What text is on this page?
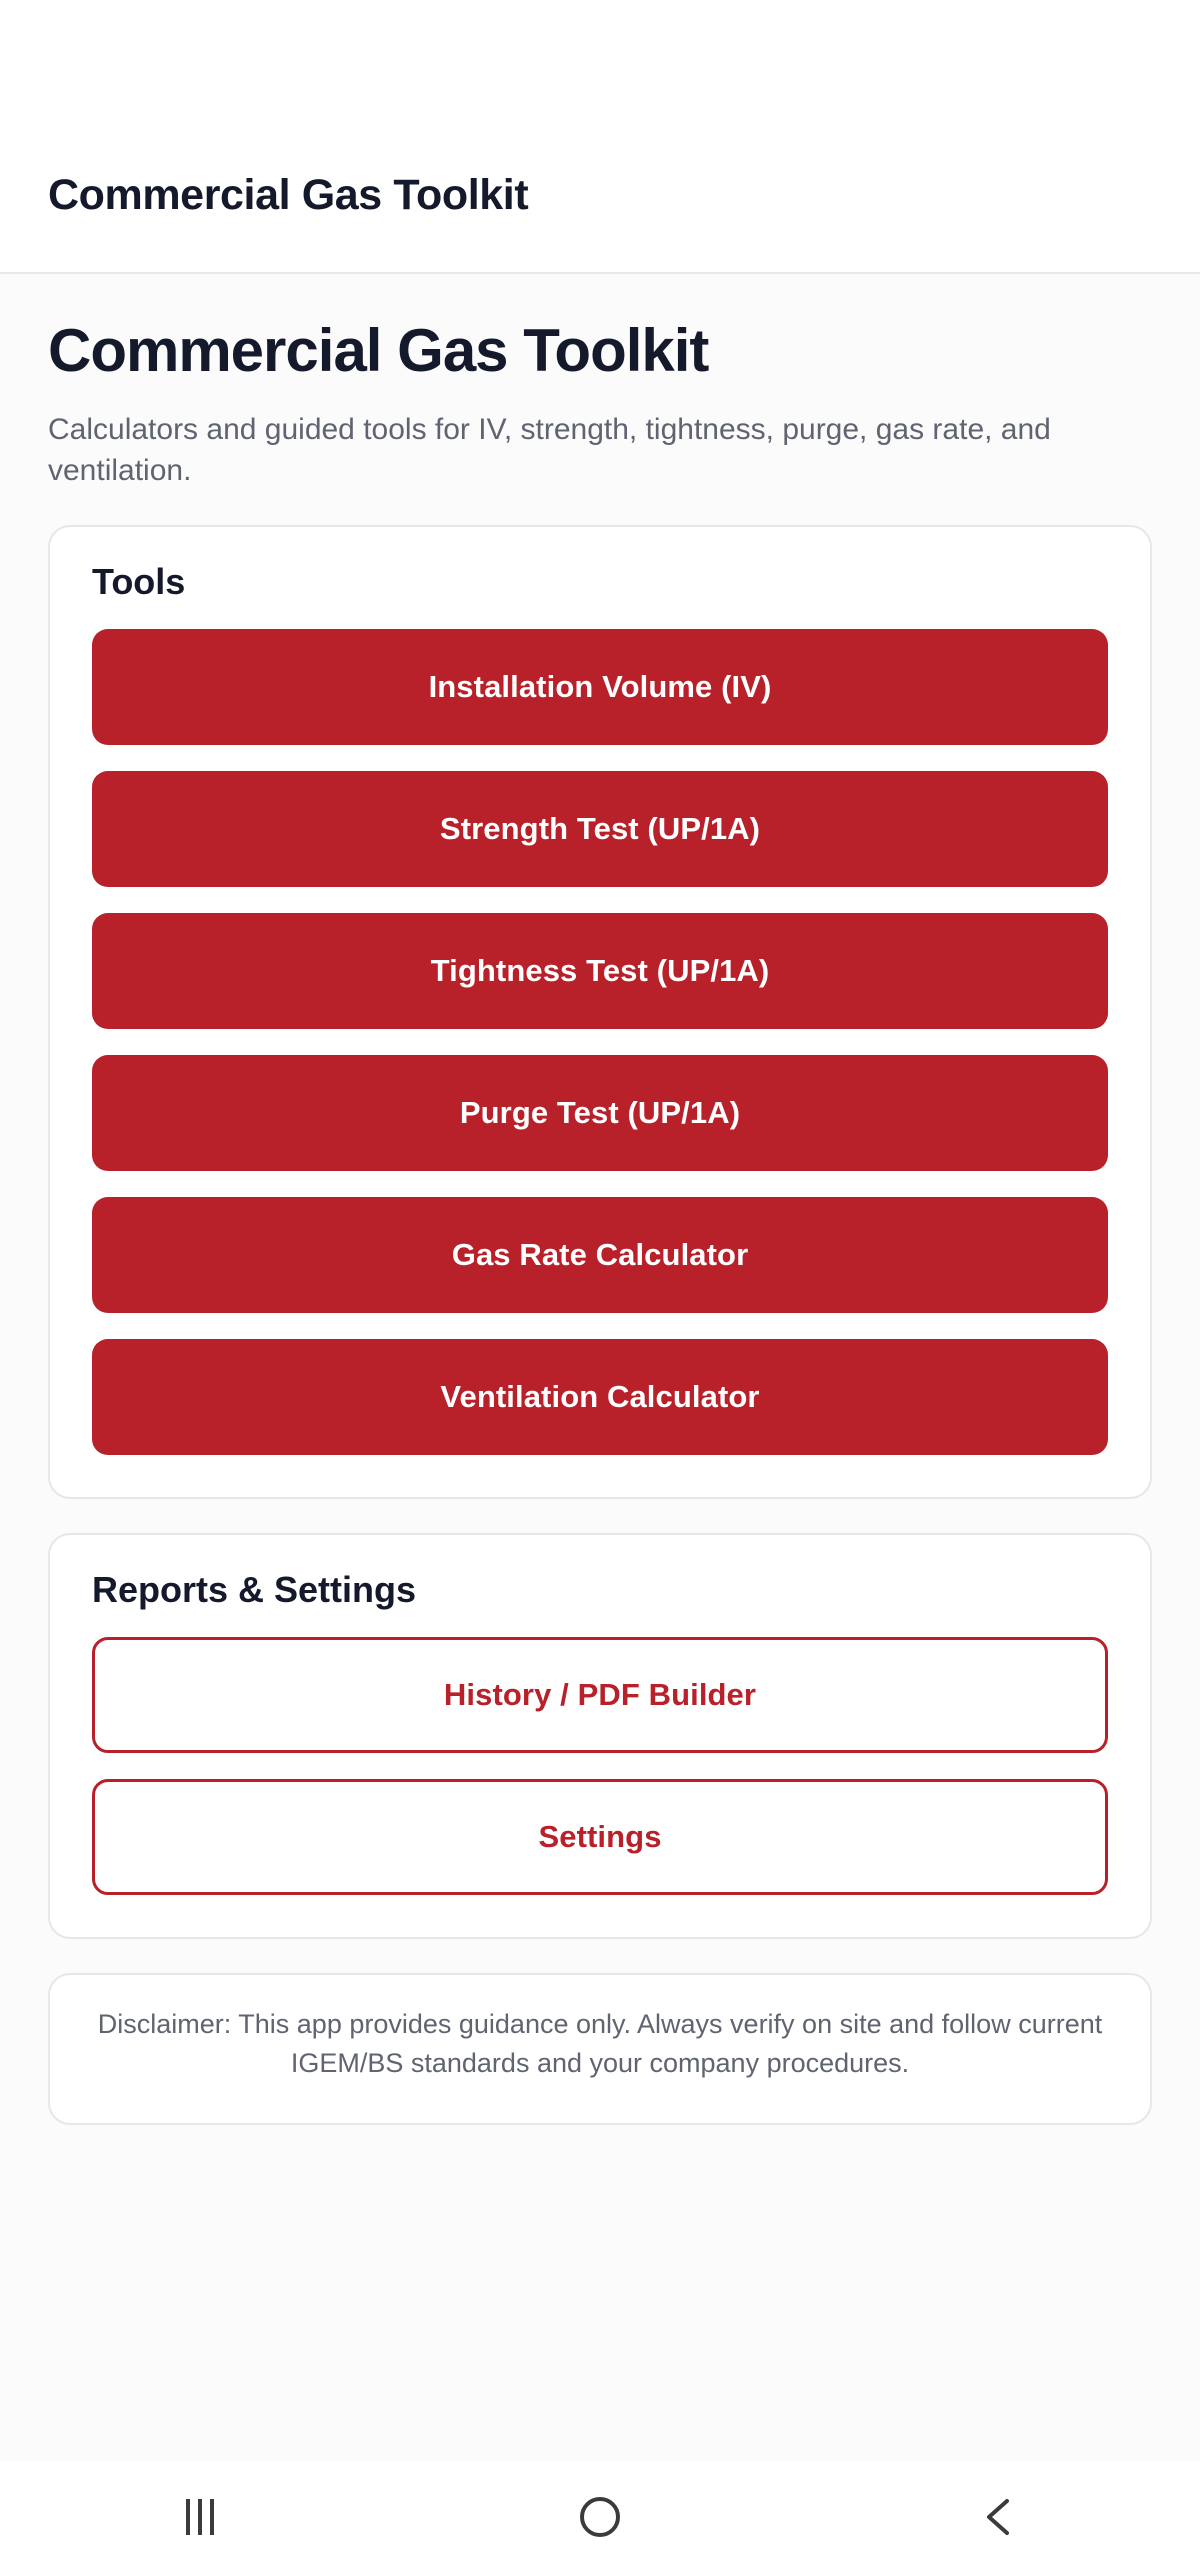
Commercial Gas Toolkit
Commercial Gas Toolkit
Calculators and guided tools for IV, strength, tightness, purge, gas rate, and ventilation.
Tools
Installation Volume (IV)
Strength Test (UP/1A)
Tightness Test (UP/1A)
Purge Test (UP/1A)
Gas Rate Calculator
Ventilation Calculator
Reports & Settings
History / PDF Builder
Settings
Disclaimer: This app provides guidance only. Always verify on site and follow current IGEM/BS standards and your company procedures.
